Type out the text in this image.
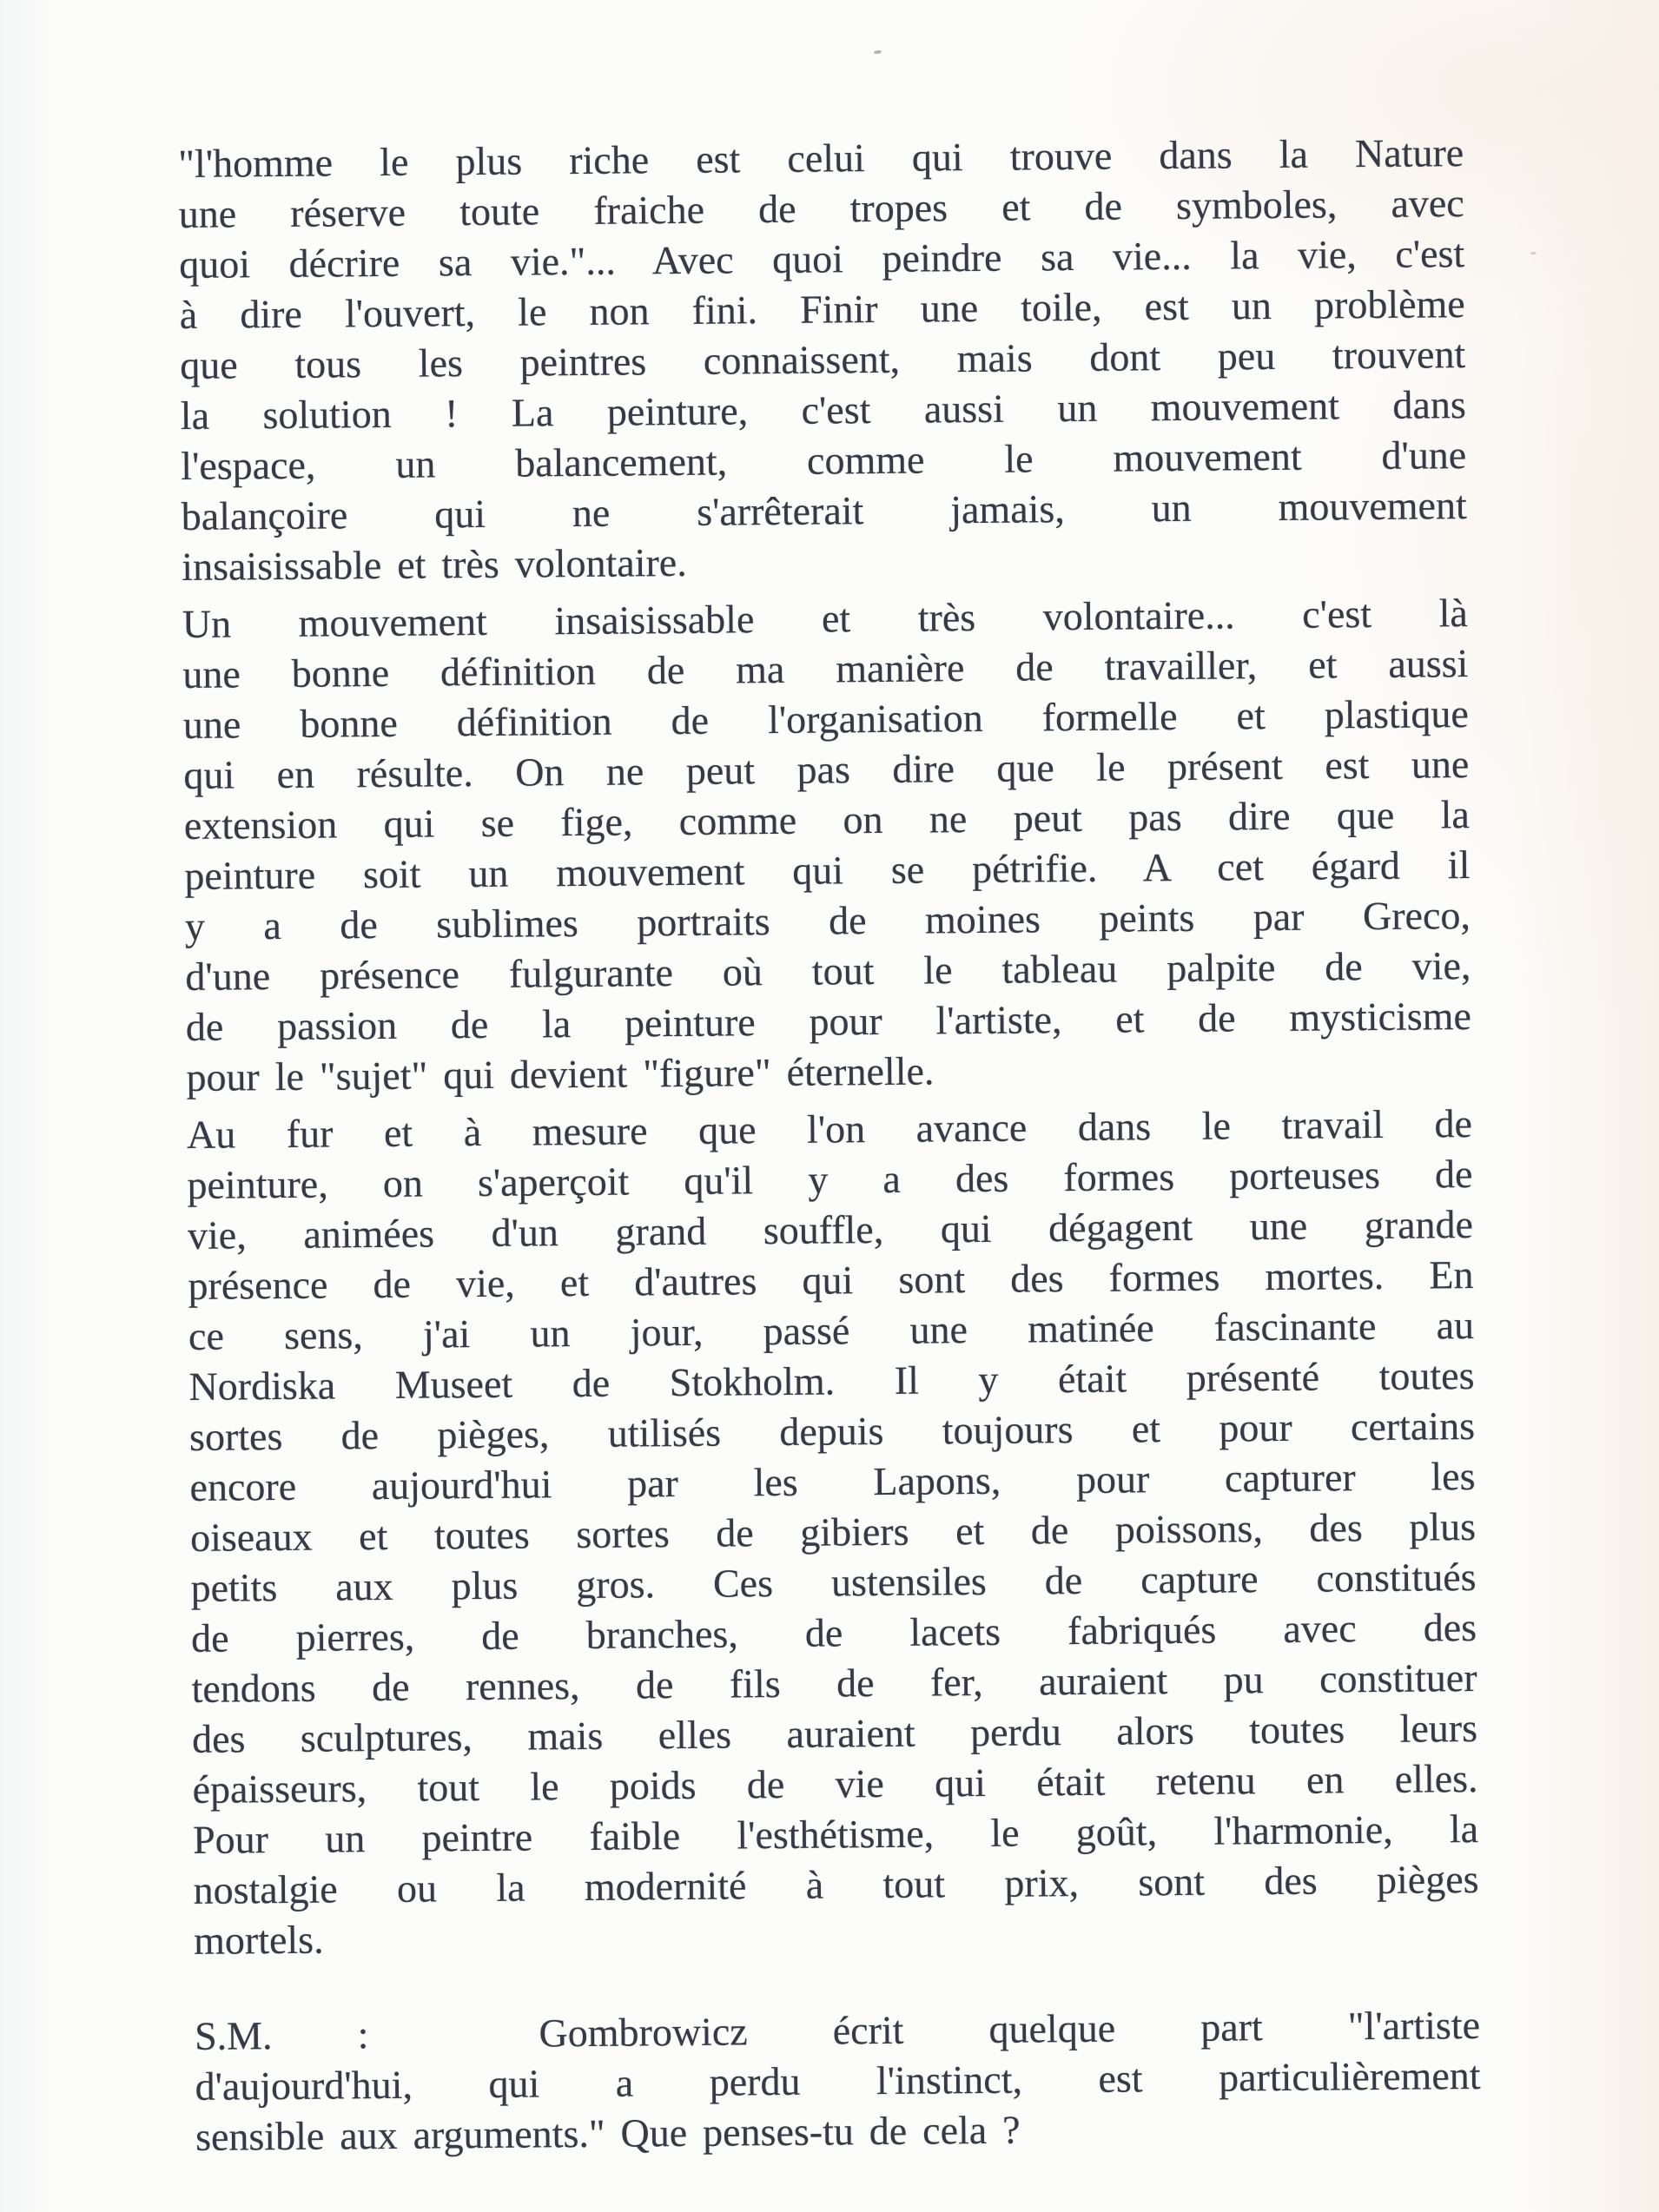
"l'homme le plus riche est celui qui trouve dans la Nature
une réserve toute fraiche de tropes et de symboles, avec
quoi décrire sa vie."... Avec quoi peindre sa vie... la vie, c'est
à dire l'ouvert, le non fini. Finir une toile, est un problème
que tous les peintres connaissent, mais dont peu trouvent
la solution ! La peinture, c'est aussi un mouvement dans
l'espace, un balancement, comme le mouvement d'une
balançoire qui ne s'arrêterait jamais, un mouvement
insaisissable et très volontaire.
Un mouvement insaisissable et très volontaire... c'est là
une bonne définition de ma manière de travailler, et aussi
une bonne définition de l'organisation formelle et plastique
qui en résulte. On ne peut pas dire que le présent est une
extension qui se fige, comme on ne peut pas dire que la
peinture soit un mouvement qui se pétrifie. A cet égard il
y a de sublimes portraits de moines peints par Greco,
d'une présence fulgurante où tout le tableau palpite de vie,
de passion de la peinture pour l'artiste, et de mysticisme
pour le "sujet" qui devient "figure" éternelle.
Au fur et à mesure que l'on avance dans le travail de
peinture, on s'aperçoit qu'il y a des formes porteuses de
vie, animées d'un grand souffle, qui dégagent une grande
présence de vie, et d'autres qui sont des formes mortes. En
ce sens, j'ai un jour, passé une matinée fascinante au
Nordiska Museet de Stokholm. Il y était présenté toutes
sortes de pièges, utilisés depuis toujours et pour certains
encore aujourd'hui par les Lapons, pour capturer les
oiseaux et toutes sortes de gibiers et de poissons, des plus
petits aux plus gros. Ces ustensiles de capture constitués
de pierres, de branches, de lacets fabriqués avec des
tendons de rennes, de fils de fer, auraient pu constituer
des sculptures, mais elles auraient perdu alors toutes leurs
épaisseurs, tout le poids de vie qui était retenu en elles.
Pour un peintre faible l'esthétisme, le goût, l'harmonie, la
nostalgie ou la modernité à tout prix, sont des pièges
mortels.
S.M. :  Gombrowicz écrit quelque part "l'artiste
d'aujourd'hui, qui a perdu l'instinct, est particulièrement
sensible aux arguments." Que penses-tu de cela ?
